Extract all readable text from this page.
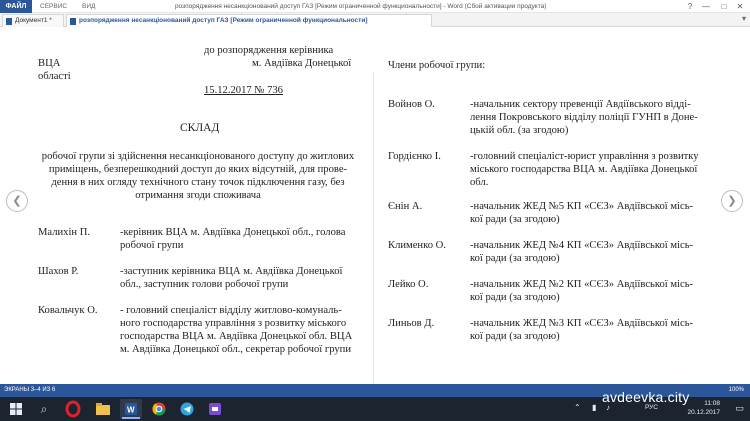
ФАЙЛ	СЕРВИС ВИД	розпорядження несанкціонований доступ ГАЗ [Режим ограниченной функциональности] - Word (Сбой активации продукта)	?	—	□	✕
Документ1 *	розпорядження несанкціонований доступ ГАЗ [Режим ограниченной функциональности]	▾
до розпорядження керівника
ВЦА	м. Авдіївка Донецької
області
15.12.2017 № 736
СКЛАД
робочої групи зі здійснення несанкціонованого доступу до житлових
приміщень, безперешкодний доступ до яких відсутній, для прове-
дення в них огляду технічного стану точок підключення газу, без
отримання згоди споживача
Малихін П.	-керівник ВЦА м. Авдіївка Донецької обл., голова
робочої групи
Шахов Р.	-заступник керівника ВЦА м. Авдіївка Донецької
обл., заступник голови робочої групи
Ковальчук О. - головний спеціаліст відділу житлово-комуналь-
ного господарства управління з розвитку міського
господарства ВЦА м. Авдіївка Донецької обл. ВЦА
м. Авдіївка Донецької обл., секретар робочої групи
Члени робочої групи:
Войнов О.	-начальник сектору превенції Авдіївського відді-
лення Покровського відділу поліції ГУНП в Доне-
цькій обл. (за згодою)
Гордієнко І.	-головний спеціаліст-юрист управління з розвитку
міського господарства ВЦА м. Авдіївка Донецької
обл.
Єнін А.	-начальник ЖЕД №5 КП «СЄЗ» Авдіївської місь-
кої ради (за згодою)
Клименко О. -начальник ЖЕД №4 КП «СЄЗ» Авдіївської місь-
кої ради (за згодою)
Лейко О.	-начальник ЖЕД №2 КП «СЄЗ» Авдіївської місь-
кої ради (за згодою)
Линьов Д.	-начальник ЖЕД №3 КП «СЄЗ» Авдіївської місь-
кої ради (за згодою)
❮	❯
ЭКРАНЫ 3–4 ИЗ 6	100%
⌕	W	⌃ ▮ ♪	РУС
11:08
20.12.2017 ▭
avdeevka.city
